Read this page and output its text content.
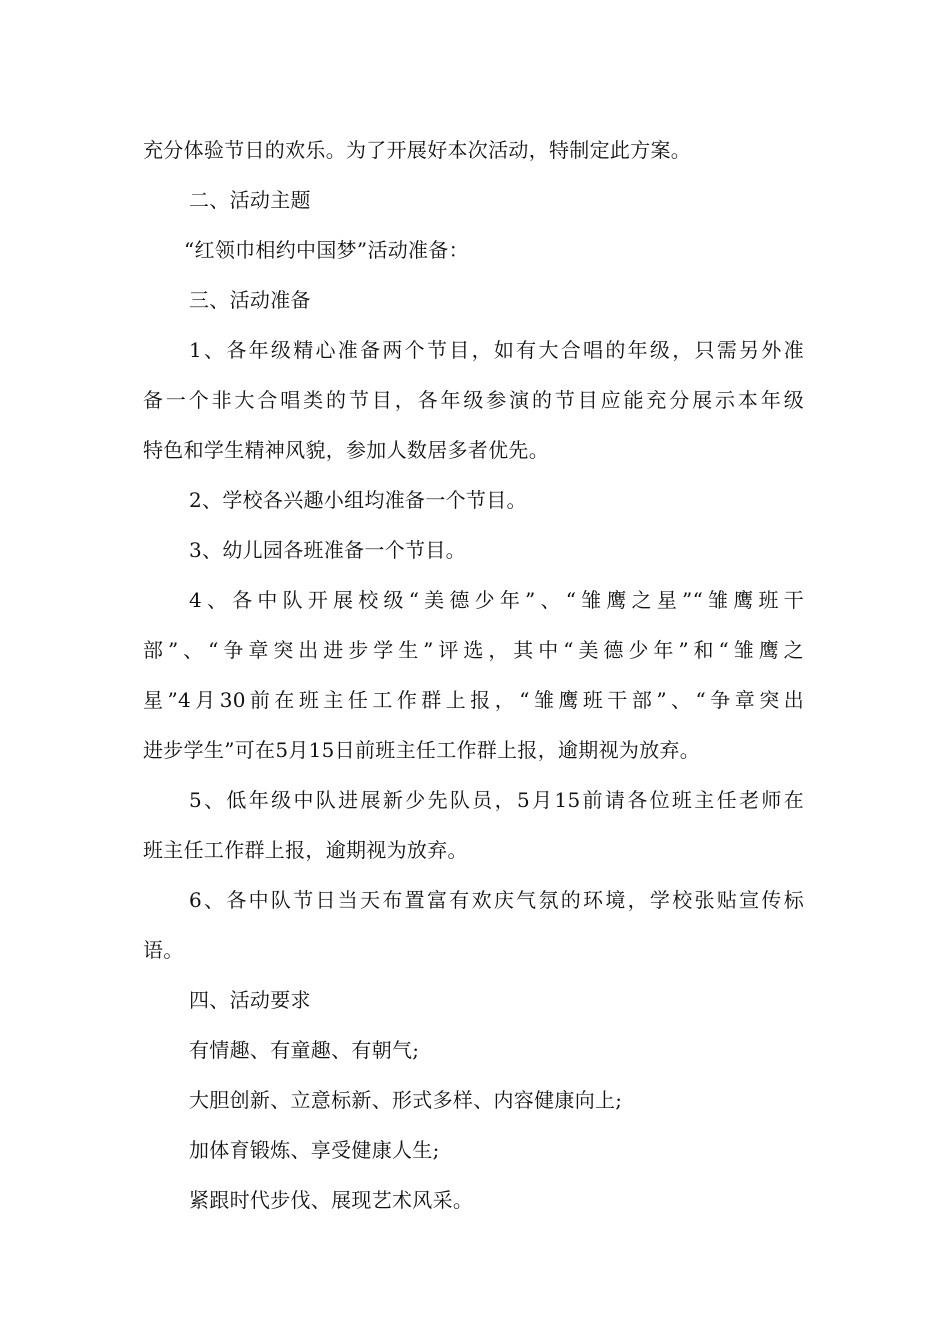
充分体验节日的欢乐。为了开展好本次活动，特制定此方案。
二、活动主题
“红领巾相约中国梦”活动准备：
三、活动准备
1、各年级精心准备两个节目，如有大合唱的年级，只需另外准
备一个非大合唱类的节目，各年级参演的节目应能充分展示本年级
特色和学生精神风貌，参加人数居多者优先。
2、学校各兴趣小组均准备一个节目。
3、幼儿园各班准备一个节目。
4、各中队开展校级“美德少年”、“雏鹰之星”“雏鹰班干
部”、“争章突出进步学生”评选，其中“美德少年”和“雏鹰之
星”4月30前在班主任工作群上报，“雏鹰班干部”、“争章突出
进步学生”可在5月15日前班主任工作群上报，逾期视为放弃。
5、低年级中队进展新少先队员，5月15前请各位班主任老师在
班主任工作群上报，逾期视为放弃。
6、各中队节日当天布置富有欢庆气氛的环境，学校张贴宣传标
语。
四、活动要求
有情趣、有童趣、有朝气;
大胆创新、立意标新、形式多样、内容健康向上;
加体育锻炼、享受健康人生;
紧跟时代步伐、展现艺术风采。
